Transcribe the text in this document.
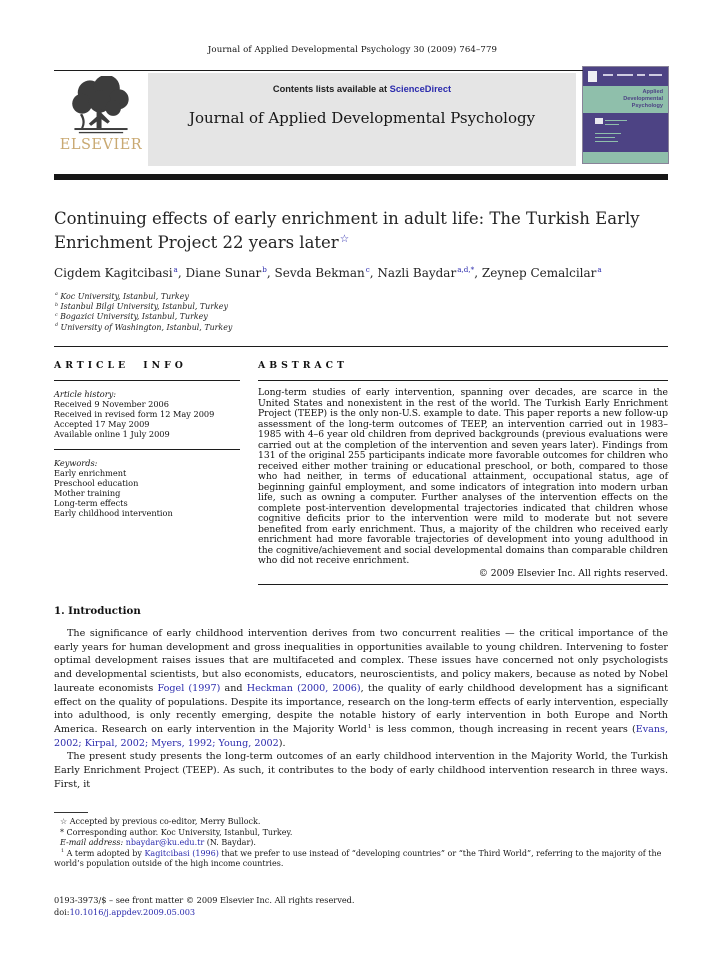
Journal of Applied Developmental Psychology 30 (2009) 764–779
ELSEVIER
Contents lists available at ScienceDirect
Journal of Applied Developmental Psychology
Applied
Developmental
Psychology
Continuing effects of early enrichment in adult life: The Turkish Early Enrichment Project 22 years later☆
Cigdem Kagitcibasi$^a$, Diane Sunar$^b$, Sevda Bekman$^c$, Nazli Baydar$^{a,d,*}$, Zeynep Cemalcilar$^a$
$^a$ Koc University, Istanbul, Turkey
$^b$ Istanbul Bilgi University, Istanbul, Turkey
$^c$ Bogazici University, Istanbul, Turkey
$^d$ University of Washington, Istanbul, Turkey
ARTICLE INFO
Article history:
Received 9 November 2006
Received in revised form 12 May 2009
Accepted 17 May 2009
Available online 1 July 2009
Keywords:
Early enrichment
Preschool education
Mother training
Long-term effects
Early childhood intervention
ABSTRACT
Long-term studies of early intervention, spanning over decades, are scarce in the United States and nonexistent in the rest of the world. The Turkish Early Enrichment Project (TEEP) is the only non-U.S. example to date. This paper reports a new follow-up assessment of the long-term outcomes of TEEP, an intervention carried out in 1983–1985 with 4–6 year old children from deprived backgrounds (previous evaluations were carried out at the completion of the intervention and seven years later). Findings from 131 of the original 255 participants indicate more favorable outcomes for children who received either mother training or educational preschool, or both, compared to those who had neither, in terms of educational attainment, occupational status, age of beginning gainful employment, and some indicators of integration into modern urban life, such as owning a computer. Further analyses of the intervention effects on the complete post-intervention developmental trajectories indicated that children whose cognitive deficits prior to the intervention were mild to moderate but not severe benefited from early enrichment. Thus, a majority of the children who received early enrichment had more favorable trajectories of development into young adulthood in the cognitive/achievement and social developmental domains than comparable children who did not receive enrichment.
© 2009 Elsevier Inc. All rights reserved.
1. Introduction

The significance of early childhood intervention derives from two concurrent realities — the critical importance of the early years for human development and gross inequalities in opportunities available to young children. Intervening to foster optimal development raises issues that are multifaceted and complex. These issues have concerned not only psychologists and developmental scientists, but also economists, educators, neuroscientists, and policy makers, because as noted by Nobel laureate economists Fogel (1997) and Heckman (2000, 2006), the quality of early childhood development has a significant effect on the quality of populations. Despite its importance, research on the long-term effects of early intervention, especially into adulthood, is only recently emerging, despite the notable history of early intervention in both Europe and North America. Research on early intervention in the Majority World$^1$ is less common, though increasing in recent years (Evans, 2002; Kirpal, 2002; Myers, 1992; Young, 2002).

The present study presents the long-term outcomes of an early childhood intervention in the Majority World, the Turkish Early Enrichment Project (TEEP). As such, it contributes to the body of early childhood intervention research in three ways. First, it

☆ Accepted by previous co-editor, Merry Bullock.
* Corresponding author. Koc University, Istanbul, Turkey.
E-mail address: nbaydar@ku.edu.tr (N. Baydar).
$^1$ A term adopted by Kagitcibasi (1996) that we prefer to use instead of “developing countries” or “the Third World”, referring to the majority of the world’s population outside of the high income countries.
0193-3973/$ – see front matter © 2009 Elsevier Inc. All rights reserved.
doi:10.1016/j.appdev.2009.05.003
